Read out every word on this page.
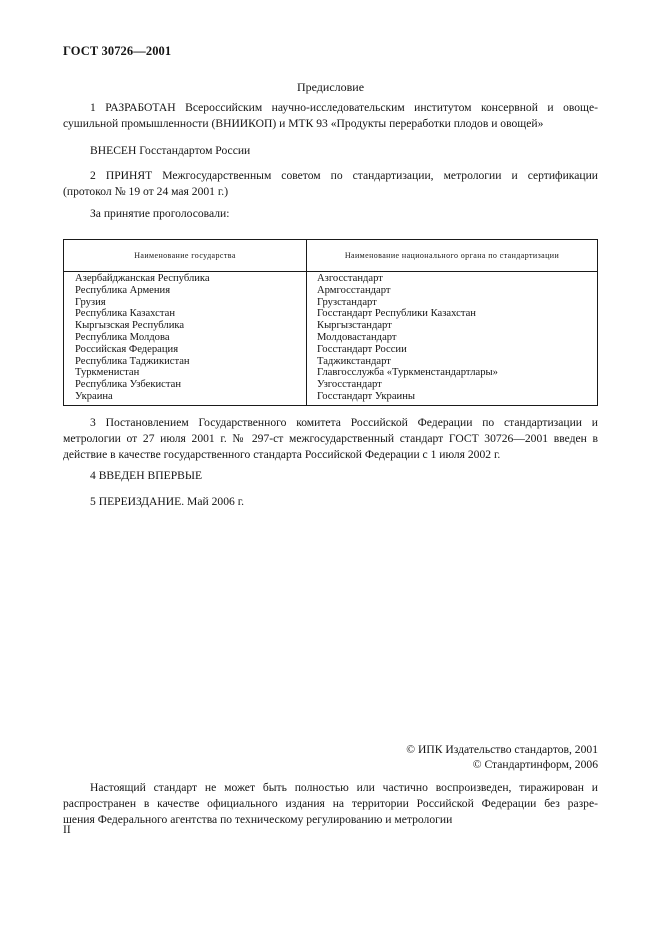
ГОСТ 30726—2001
Предисловие
1 РАЗРАБОТАН Всероссийским научно-исследовательским институтом консервной и овоще-
сушильной промышленности (ВНИИКОП) и МТК 93 «Продукты переработки плодов и овощей»
ВНЕСЕН Госстандартом России
2 ПРИНЯТ Межгосударственным советом по стандартизации, метрологии и сертификации
(протокол № 19 от 24 мая 2001 г.)
За принятие проголосовали:
Наименование государства	Наименование национального органа по стандартизации
Азербайджанская Республика
Республика Армения
Грузия
Республика Казахстан
Кыргызская Республика
Республика Молдова
Российская Федерация
Республика Таджикистан
Туркменистан
Республика Узбекистан
Украина
Азгосстандарт
Армгосстандарт
Грузстандарт
Госстандарт Республики Казахстан
Кыргызстандарт
Молдовастандарт
Госстандарт России
Таджикстандарт
Главгосслужба «Туркменстандартлары»
Узгосстандарт
Госстандарт Украины
3 Постановлением Государственного комитета Российской Федерации по стандартизации и
метрологии от 27 июля 2001 г. № 297-ст межгосударственный стандарт ГОСТ 30726—2001 введен в
действие в качестве государственного стандарта Российской Федерации с 1 июля 2002 г.
4 ВВЕДЕН ВПЕРВЫЕ
5 ПЕРЕИЗДАНИЕ. Май 2006 г.
© ИПК Издательство стандартов, 2001
© Стандартинформ, 2006
Настоящий стандарт не может быть полностью или частично воспроизведен, тиражирован и
распространен в качестве официального издания на территории Российской Федерации без разре-
шения Федерального агентства по техническому регулированию и метрологии
II
